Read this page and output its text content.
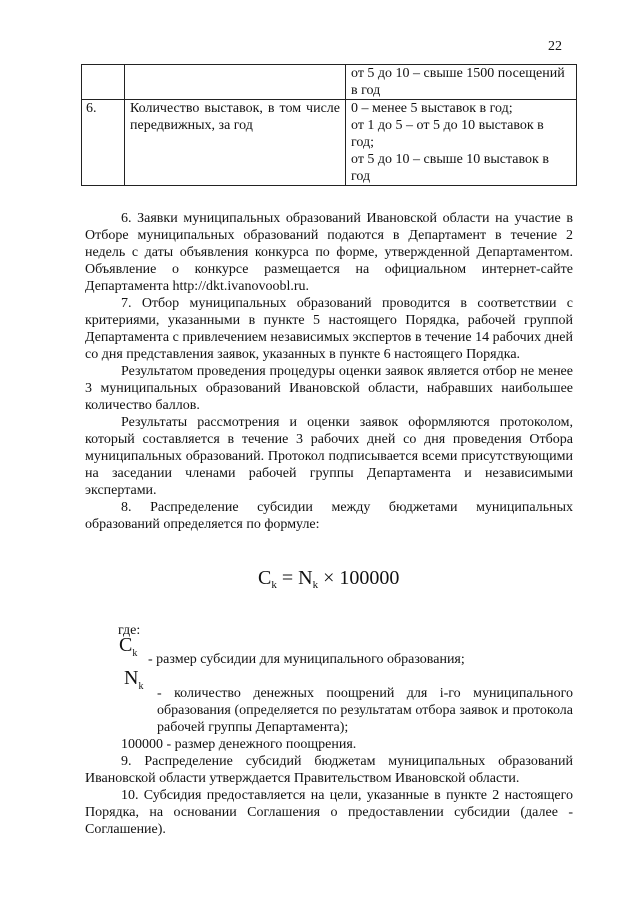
22

		от 5 до 10 – свыше 1500 посещений
в год

6.	Количество выставок, в том числе передвижных, за год	0 – менее 5 выставок в год;
от 1 до 5 – от 5 до 10 выставок в
год;
от 5 до 10 – свыше 10 выставок в
год

6. Заявки муниципальных образований Ивановской области на участие в Отборе муниципальных образований подаются в Департамент в течение 2 недель с даты объявления конкурса по форме, утвержденной Департаментом. Объявление о конкурсе размещается на официальном интернет-сайте Департамента http://dkt.ivanovoobl.ru.

7. Отбор муниципальных образований проводится в соответствии с критериями, указанными в пункте 5 настоящего Порядка, рабочей группой Департамента с привлечением независимых экспертов в течение 14 рабочих дней со дня представления заявок, указанных в пункте 6 настоящего Порядка.

Результатом проведения процедуры оценки заявок является отбор не менее 3 муниципальных образований Ивановской области, набравших наибольшее количество баллов.

Результаты рассмотрения и оценки заявок оформляются протоколом, который составляется в течение 3 рабочих дней со дня проведения Отбора муниципальных образований. Протокол подписывается всеми присутствующими на заседании членами рабочей группы Департамента и независимыми экспертами.

8. Распределение субсидии между бюджетами муниципальных образований определяется по формуле:

$C_k = N_k \times 100000$
где:
$C_k$ - размер субсидии для муниципального образования;
$N_k$ - количество денежных поощрений для i-го муниципального образования (определяется по результатам отбора заявок и протокола рабочей группы Департамента);

100000 - размер денежного поощрения.

9. Распределение субсидий бюджетам муниципальных образований Ивановской области утверждается Правительством Ивановской области.

10. Субсидия предоставляется на цели, указанные в пункте 2 настоящего Порядка, на основании Соглашения о предоставлении субсидии (далее - Соглашение).
